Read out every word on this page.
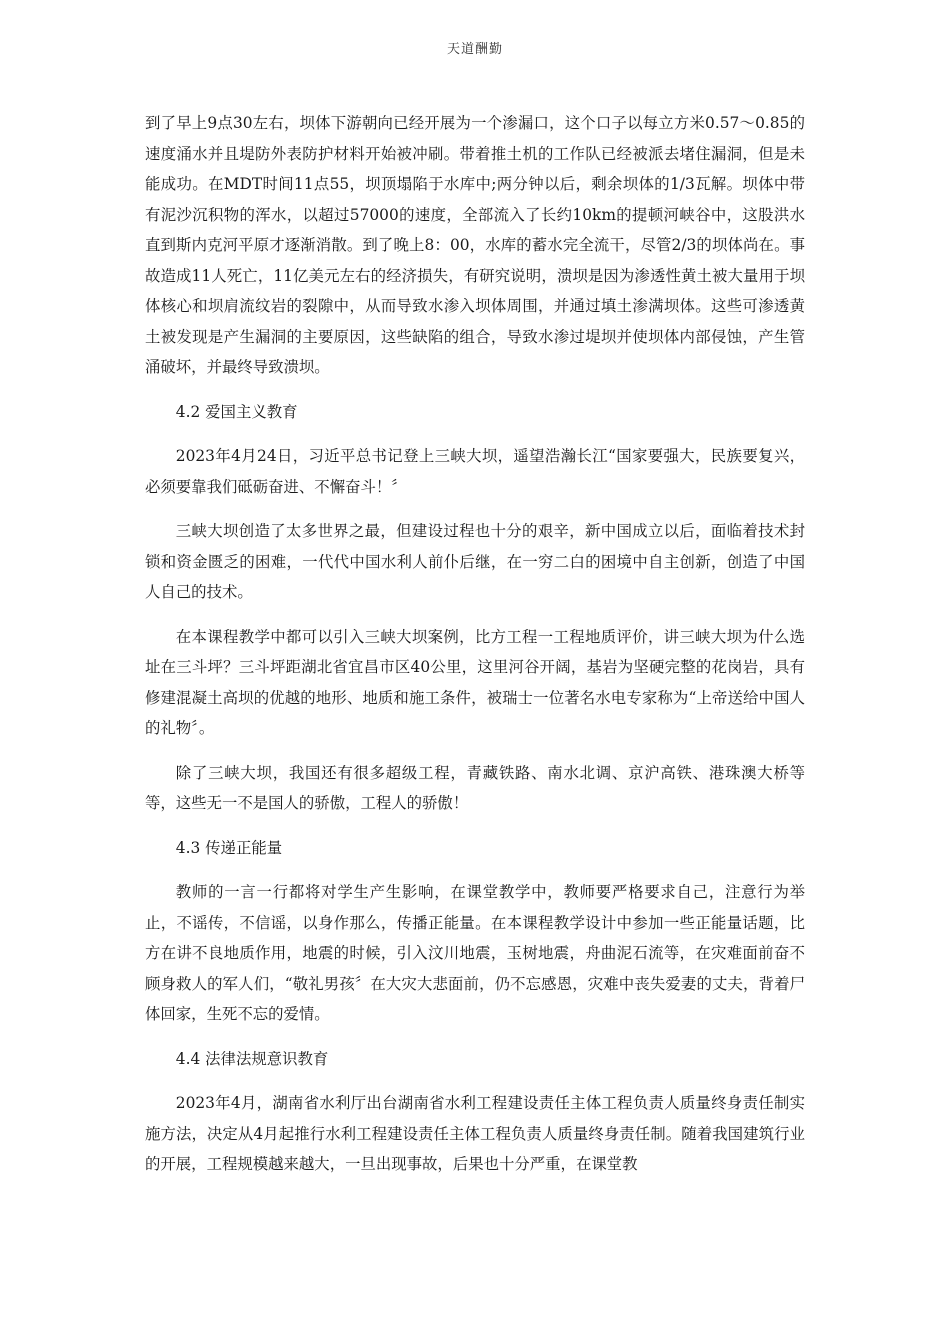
天道酬勤

到了早上9点30左右，坝体下游朝向已经开展为一个渗漏口，这个口子以每立方米0.57～0.85的速度涌水并且堤防外表防护材料开始被冲刷。带着推土机的工作队已经被派去堵住漏洞，但是未能成功。在MDT时间11点55，坝顶塌陷于水库中;两分钟以后，剩余坝体的1/3瓦解。坝体中带有泥沙沉积物的浑水，以超过57000的速度，全部流入了长约10km的提顿河峡谷中，这股洪水直到斯内克河平原才逐渐消散。到了晚上8：00，水库的蓄水完全流干，尽管2/3的坝体尚在。事故造成11人死亡，11亿美元左右的经济损失，有研究说明，溃坝是因为渗透性黄土被大量用于坝体核心和坝肩流纹岩的裂隙中，从而导致水渗入坝体周围，并通过填土渗满坝体。这些可渗透黄土被发现是产生漏洞的主要原因，这些缺陷的组合，导致水渗过堤坝并使坝体内部侵蚀，产生管涌破坏，并最终导致溃坝。

4.2 爱国主义教育

2023年4月24日，习近平总书记登上三峡大坝，遥望浩瀚长江“国家要强大，民族要复兴，必须要靠我们砥砺奋进、不懈奋斗！〞

三峡大坝创造了太多世界之最，但建设过程也十分的艰辛，新中国成立以后，面临着技术封锁和资金匮乏的困难，一代代中国水利人前仆后继，在一穷二白的困境中自主创新，创造了中国人自己的技术。

在本课程教学中都可以引入三峡大坝案例，比方工程一工程地质评价，讲三峡大坝为什么选址在三斗坪？三斗坪距湖北省宜昌市区40公里，这里河谷开阔，基岩为坚硬完整的花岗岩，具有修建混凝土高坝的优越的地形、地质和施工条件，被瑞士一位著名水电专家称为“上帝送给中国人的礼物〞。

除了三峡大坝，我国还有很多超级工程，青藏铁路、南水北调、京沪高铁、港珠澳大桥等等，这些无一不是国人的骄傲，工程人的骄傲！

4.3 传递正能量

教师的一言一行都将对学生产生影响，在课堂教学中，教师要严格要求自己，注意行为举止，不谣传，不信谣，以身作那么，传播正能量。在本课程教学设计中参加一些正能量话题，比方在讲不良地质作用，地震的时候，引入汶川地震，玉树地震，舟曲泥石流等，在灾难面前奋不顾身救人的军人们，“敬礼男孩〞在大灾大悲面前，仍不忘感恩，灾难中丧失爱妻的丈夫，背着尸体回家，生死不忘的爱情。

4.4 法律法规意识教育

2023年4月，湖南省水利厅出台湖南省水利工程建设责任主体工程负责人质量终身责任制实施方法，决定从4月起推行水利工程建设责任主体工程负责人质量终身责任制。随着我国建筑行业的开展，工程规模越来越大，一旦出现事故，后果也十分严重，在课堂教
